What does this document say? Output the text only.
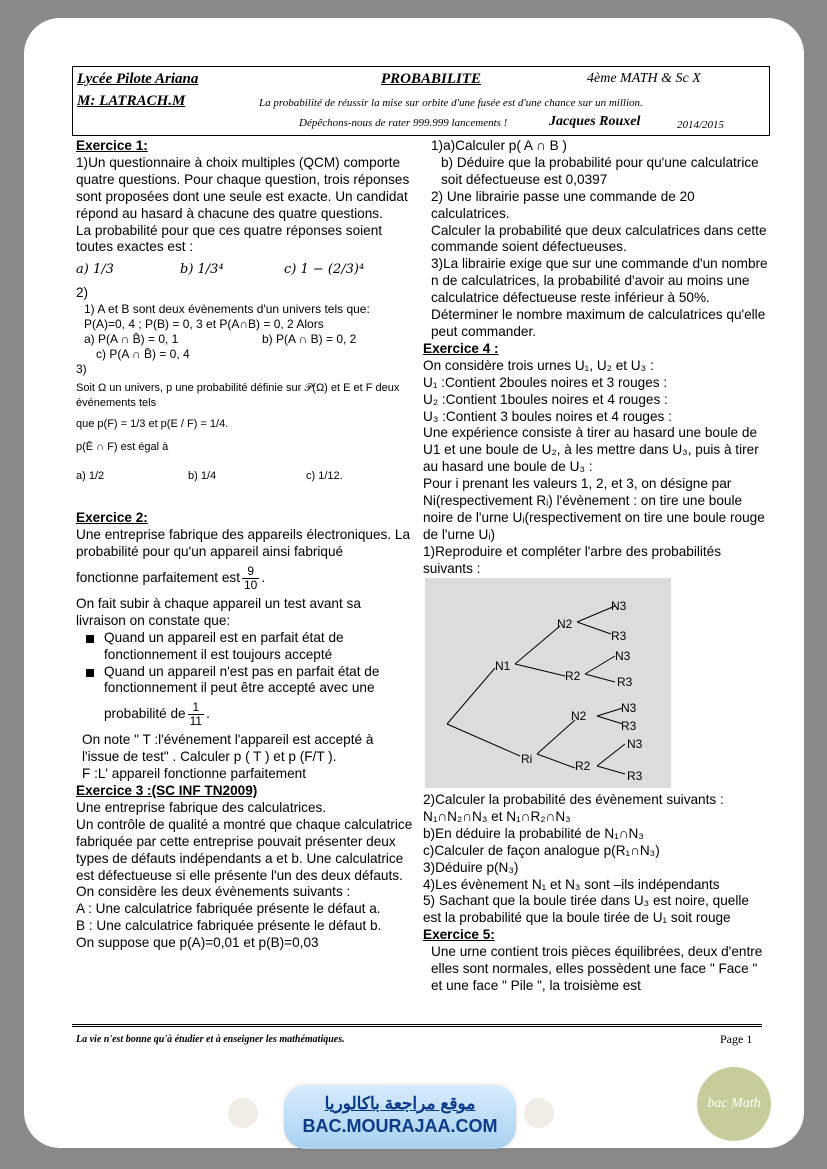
Lycée Pilote Ariana
M: LATRACH.M
PROBABILITE	4ème MATH & Sc X
La probabilité de réussir la mise sur orbite d'une fusée est d'une chance sur un million.
Dépêchons-nous de rater 999.999 lancements !	Jacques Rouxel	2014/2015

Exercice 1:

1)Un questionnaire à choix multiples (QCM) comporte quatre questions. Pour chaque question, trois réponses sont proposées dont une seule est exacte. Un candidat répond au hasard à chacune des quatre questions.

La probabilité pour que ces quatre réponses soient toutes exactes est :

a) 1/3	b) 1/3⁴	c) 1 − (2/3)⁴

2)

1) A et B sont deux évènements d'un univers tels que:

P(A)=0, 4 ; P(B) = 0, 3 et P(A∩B) = 0, 2 Alors

a) P(A ∩ B̄) = 0, 1	b) P(A ∩ B) = 0, 2

c) P(A ∩ B̄) = 0, 4

3)

Soit Ω un univers, p une probabilité définie sur 𝒫(Ω) et E et F deux événements tels

que p(F) = 1/3 et p(E / F) = 1/4.

p(Ē ∩ F) est égal à

a) 1/2	b) 1/4	c) 1/12.

Exercice 2:

Une entreprise fabrique des appareils électroniques. La probabilité pour qu'un appareil ainsi fabriqué

fonctionne parfaitement est $\frac{9}{10}$ .

On fait subir à chaque appareil un test avant sa livraison on constate que:

Quand un appareil est en parfait état de fonctionnement il est toujours accepté
Quand un appareil n'est pas en parfait état de fonctionnement il peut être accepté avec une

probabilité de $\frac{1}{11}$ .

On note " T :l'événement l'appareil est accepté à l'issue de test" . Calculer p ( T ) et p (F/T ).

F :L' appareil fonctionne parfaitement

Exercice 3 :(SC INF TN2009)

Une entreprise fabrique des calculatrices.

Un contrôle de qualité a montré que chaque calculatrice fabriquée par cette entreprise pouvait présenter deux types de défauts indépendants a et b. Une calculatrice est défectueuse si elle présente l'un des deux défauts.

On considère les deux évènements suivants :

A : Une calculatrice fabriquée présente le défaut a.

B : Une calculatrice fabriquée présente le défaut b.

On suppose que p(A)=0,01 et p(B)=0,03

1)a)Calculer p( A ∩ B )

b) Déduire que la probabilité pour qu'une calculatrice soit défectueuse est 0,0397

2) Une librairie passe une commande de 20 calculatrices.

Calculer la probabilité que deux calculatrices dans cette commande soient défectueuses.

3)La librairie exige que sur une commande d'un nombre n de calculatrices, la probabilité d'avoir au moins une calculatrice défectueuse reste inférieur à 50%. Déterminer le nombre maximum de calculatrices qu'elle peut commander.

Exercice 4 :

On considère trois urnes U₁, U₂ et U₃ :

U₁ :Contient 2boules noires et 3 rouges :

U₂ :Contient 1boules noires et 4 rouges :

U₃ :Contient 3 boules noires et 4 rouges :

Une expérience consiste à tirer au hasard une boule de U1 et une boule de U₂, à les mettre dans U₃, puis à tirer au hasard une boule de U₃ :

Pour i prenant les valeurs 1, 2, et 3, on désigne par Ni(respectivement Rᵢ) l'évènement : on tire une boule noire de l'urne Uᵢ(respectivement on tire une boule rouge de l'urne Uᵢ)

1)Reproduire et compléter l'arbre des probabilités suivants :

N1
Ri
N2
R2
N2
R2
N3
R3
N3
R3
N3
R3
N3
R3

2)Calculer la probabilité des évènement suivants :

N₁∩N₂∩N₃ et N₁∩R₂∩N₃

b)En déduire la probabilité de N₁∩N₃

c)Calculer de façon analogue p(R₁∩N₃)

3)Déduire p(N₃)

4)Les évènement N₁ et N₃ sont –ils indépendants

5) Sachant que la boule tirée dans U₃ est noire, quelle est la probabilité que la boule tirée de U₁ soit rouge

Exercice 5:

Une urne contient trois pièces équilibrées, deux d'entre elles sont normales, elles possèdent une face " Face " et une face " Pile ", la troisième est

La vie n'est bonne qu'à étudier et à enseigner les mathématiques.	Page 1
موقع مراجعة باكالوريا
BAC.MOURAJAA.COM
bac Math
